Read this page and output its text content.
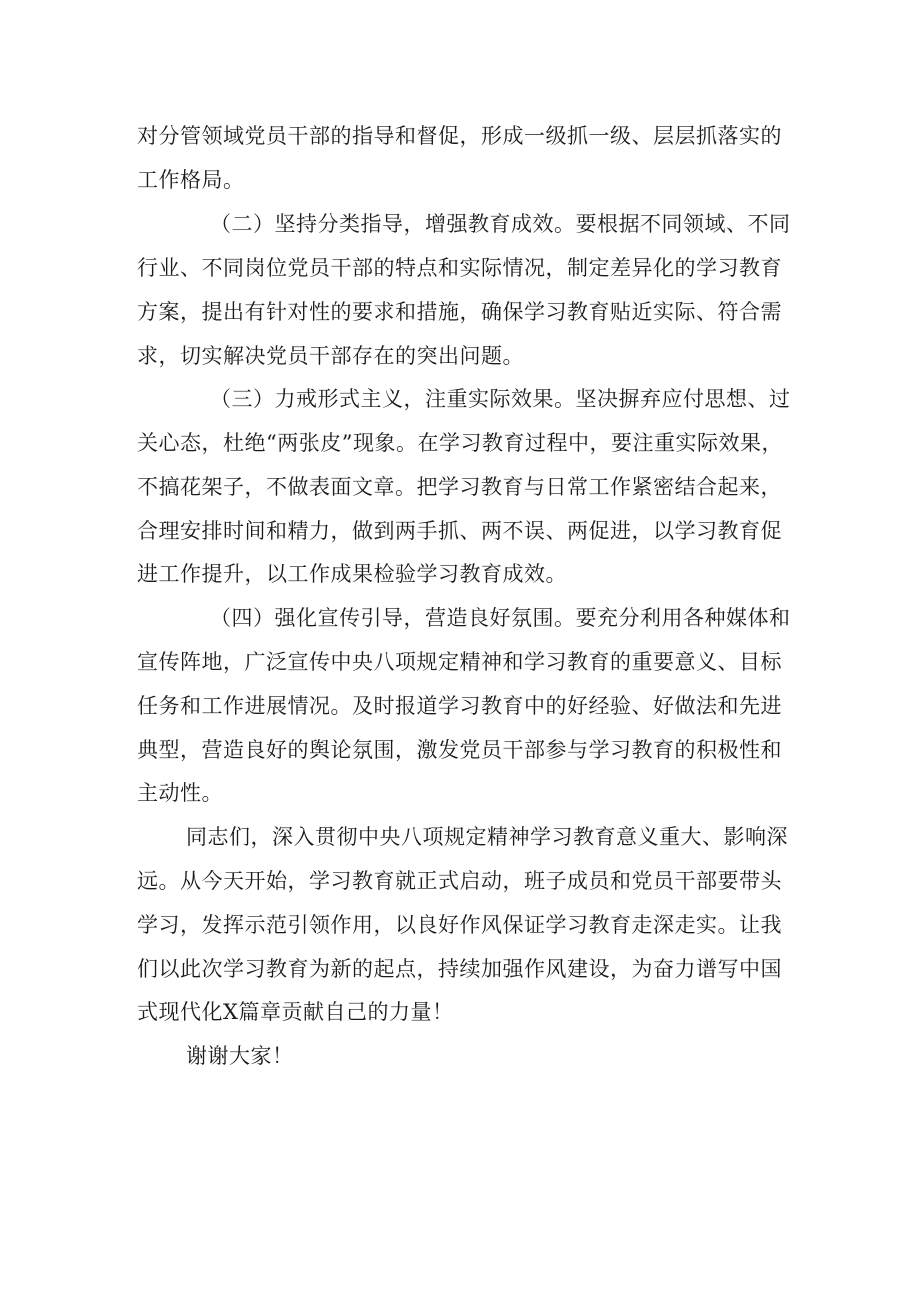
对分管领域党员干部的指导和督促，形成一级抓一级、层层抓落实的
工作格局。
（二）坚持分类指导，增强教育成效。要根据不同领域、不同
行业、不同岗位党员干部的特点和实际情况，制定差异化的学习教育
方案，提出有针对性的要求和措施，确保学习教育贴近实际、符合需
求，切实解决党员干部存在的突出问题。
（三）力戒形式主义，注重实际效果。坚决摒弃应付思想、过
关心态，杜绝“两张皮”现象。在学习教育过程中，要注重实际效果，
不搞花架子，不做表面文章。把学习教育与日常工作紧密结合起来，
合理安排时间和精力，做到两手抓、两不误、两促进，以学习教育促
进工作提升，以工作成果检验学习教育成效。
（四）强化宣传引导，营造良好氛围。要充分利用各种媒体和
宣传阵地，广泛宣传中央八项规定精神和学习教育的重要意义、目标
任务和工作进展情况。及时报道学习教育中的好经验、好做法和先进
典型，营造良好的舆论氛围，激发党员干部参与学习教育的积极性和
主动性。
同志们，深入贯彻中央八项规定精神学习教育意义重大、影响深
远。从今天开始，学习教育就正式启动，班子成员和党员干部要带头
学习，发挥示范引领作用，以良好作风保证学习教育走深走实。让我
们以此次学习教育为新的起点，持续加强作风建设，为奋力谱写中国
式现代化X篇章贡献自己的力量！
谢谢大家！
